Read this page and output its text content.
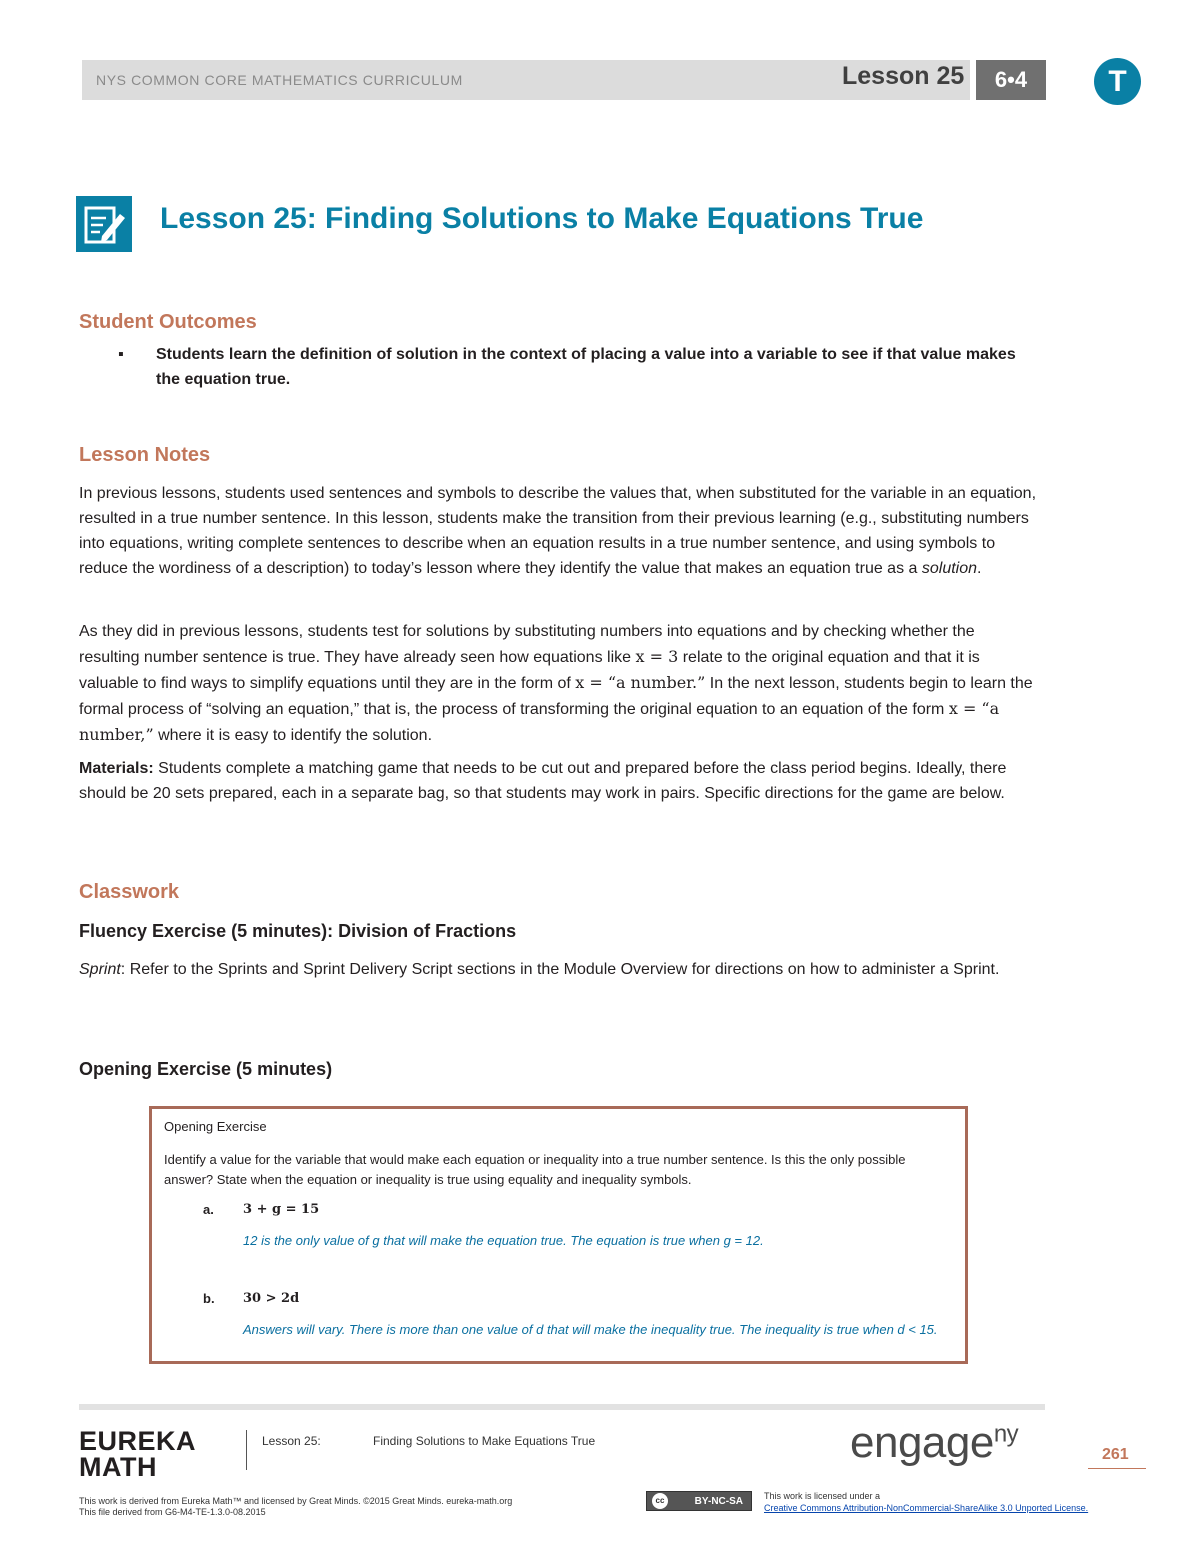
NYS COMMON CORE MATHEMATICS CURRICULUM	Lesson 25	6•4	T
Lesson 25: Finding Solutions to Make Equations True
Student Outcomes
▪ Students learn the definition of solution in the context of placing a value into a variable to see if that value makes the equation true.
Lesson Notes

In previous lessons, students used sentences and symbols to describe the values that, when substituted for the variable in an equation, resulted in a true number sentence. In this lesson, students make the transition from their previous learning (e.g., substituting numbers into equations, writing complete sentences to describe when an equation results in a true number sentence, and using symbols to reduce the wordiness of a description) to today’s lesson where they identify the value that makes an equation true as a solution.

As they did in previous lessons, students test for solutions by substituting numbers into equations and by checking whether the resulting number sentence is true. They have already seen how equations like x = 3 relate to the original equation and that it is valuable to find ways to simplify equations until they are in the form of x = “a number.” In the next lesson, students begin to learn the formal process of “solving an equation,” that is, the process of transforming the original equation to an equation of the form x = “a number,” where it is easy to identify the solution.

Materials: Students complete a matching game that needs to be cut out and prepared before the class period begins. Ideally, there should be 20 sets prepared, each in a separate bag, so that students may work in pairs. Specific directions for the game are below.

Classwork
Fluency Exercise (5 minutes): Division of Fractions

Sprint: Refer to the Sprints and Sprint Delivery Script sections in the Module Overview for directions on how to administer a Sprint.

Opening Exercise (5 minutes)
Opening Exercise
Identify a value for the variable that would make each equation or inequality into a true number sentence. Is this the only possible answer? State when the equation or inequality is true using equality and inequality symbols.
a. 3 + g = 15
12 is the only value of g that will make the equation true. The equation is true when g = 12.
b. 30 > 2d
Answers will vary. There is more than one value of d that will make the inequality true. The inequality is true when d < 15.
EUREKA
MATH
Lesson 25:	Finding Solutions to Make Equations True	engage$^{ny}$
261
This work is derived from Eureka Math™ and licensed by Great Minds. ©2015 Great Minds. eureka-math.org
This file derived from G6-M4-TE-1.3.0-08.2015
BY-NC-SA
cc	This work is licensed under a
Creative Commons Attribution-NonCommercial-ShareAlike 3.0 Unported License.
